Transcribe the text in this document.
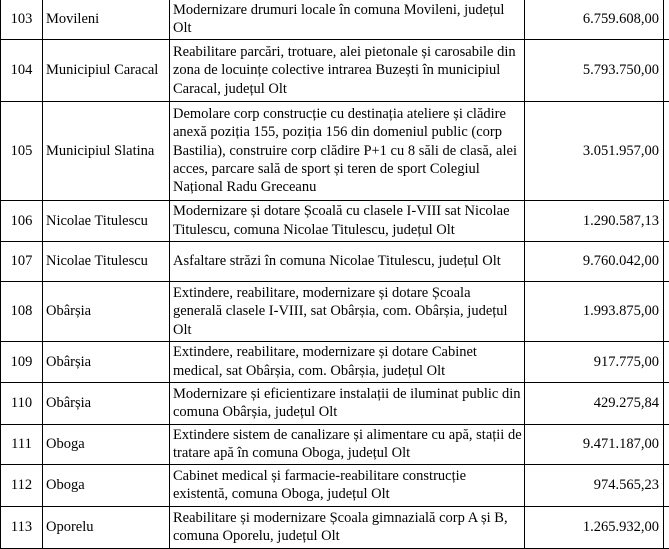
103	Movileni	Modernizare drumuri locale în comuna Movileni, județul Olt	6.759.608,00	
104	Municipiul Caracal	Reabilitare parcări, trotuare, alei pietonale și carosabile din zona de locuințe colective intrarea Buzești în municipiul Caracal, județul Olt	5.793.750,00	
105	Municipiul Slatina	Demolare corp construcție cu destinația ateliere și clădire anexă poziția 155, poziția 156 din domeniul public (corp Bastilia), construire corp clădire P+1 cu 8 săli de clasă, alei acces, parcare sală de sport și teren de sport Colegiul Național Radu Greceanu	3.051.957,00	
106	Nicolae Titulescu	Modernizare și dotare Școală cu clasele I-VIII sat Nicolae Titulescu, comuna Nicolae Titulescu, județul Olt	1.290.587,13	
107	Nicolae Titulescu	Asfaltare străzi în comuna Nicolae Titulescu, județul Olt	9.760.042,00	
108	Obârșia	Extindere, reabilitare, modernizare și dotare Școala generală clasele I-VIII, sat Obârșia, com. Obârșia, județul Olt	1.993.875,00	
109	Obârșia	Extindere, reabilitare, modernizare și dotare Cabinet medical, sat Obârșia, com. Obârșia, județul Olt	917.775,00	
110	Obârșia	Modernizare și eficientizare instalații de iluminat public din comuna Obârșia, județul Olt	429.275,84	
111	Oboga	Extindere sistem de canalizare și alimentare cu apă, stații de tratare apă în comuna Oboga, județul Olt	9.471.187,00	
112	Oboga	Cabinet medical și farmacie-reabilitare construcție existentă, comuna Oboga, județul Olt	974.565,23	
113	Oporelu	Reabilitare și modernizare Școala gimnazială corp A și B, comuna Oporelu, județul Olt	1.265.932,00	
